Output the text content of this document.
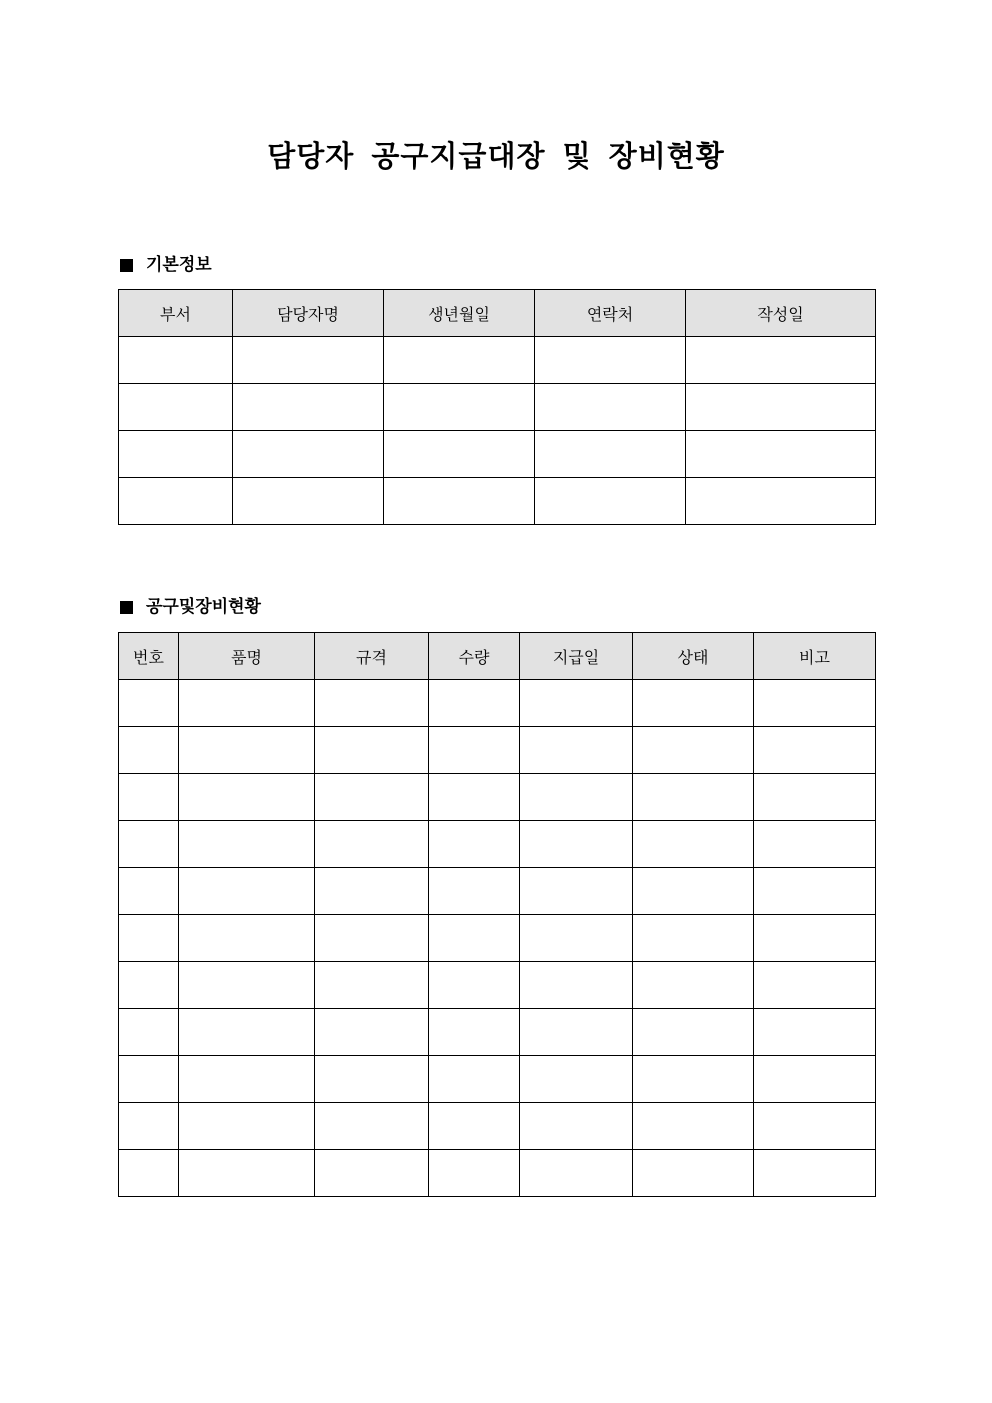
담당자 공구지급대장 및 장비현황
기본정보
부서	담당자명	생년월일	연락처	작성일

공구및장비현황
번호	품명	규격	수량	지급일	상태	비고
